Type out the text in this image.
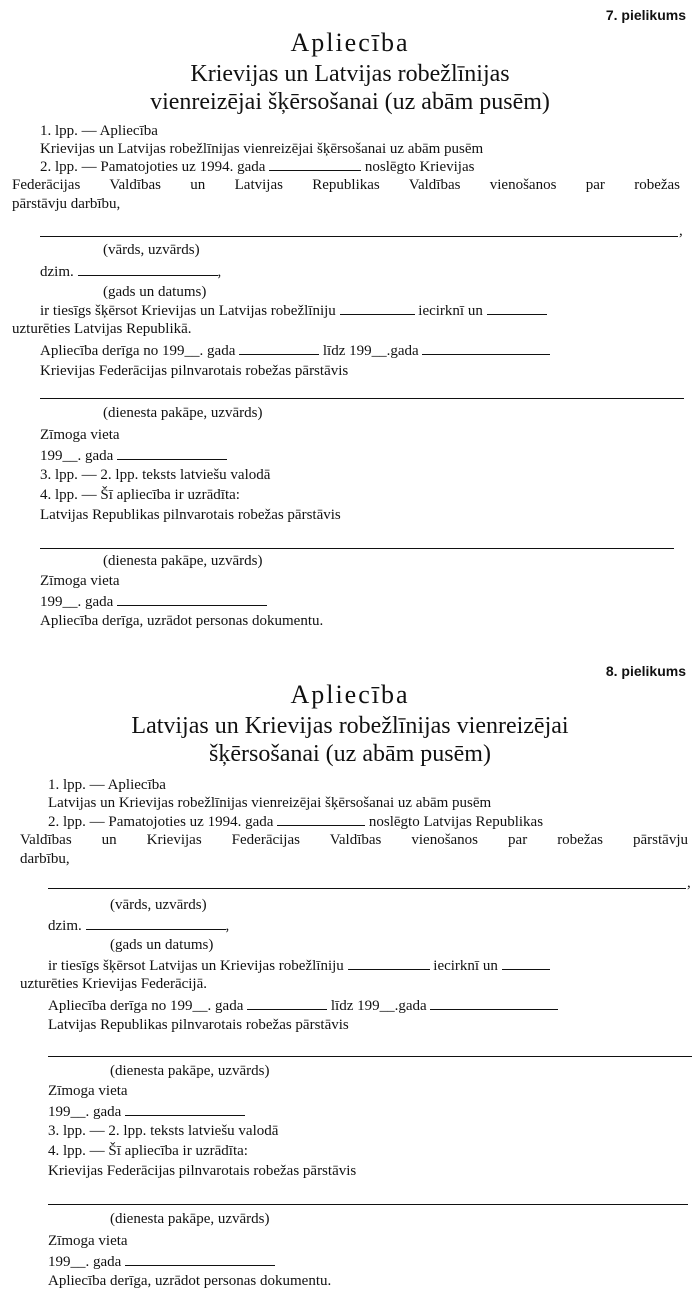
7. pielikums
Apliecība
Krievijas un Latvijas robežlīnijas
vienreizējai šķērsošanai (uz abām pusēm)
1. lpp. — Apliecība
Krievijas un Latvijas robežlīnijas vienreizējai šķērsošanai uz abām pusēm
2. lpp. — Pamatojoties uz 1994. gada	noslēgto Krievijas
Federācijas Valdības un Latvijas Republikas Valdības vienošanos par robežas
pārstāvju darbību,
,
(vārds, uzvārds)
dzim.	,
(gads un datums)
ir tiesīgs šķērsot Krievijas un Latvijas robežlīniju	iecirknī un
uzturēties Latvijas Republikā.
Apliecība derīga no 199__. gada	līdz 199__.gada
Krievijas Federācijas pilnvarotais robežas pārstāvis
(dienesta pakāpe, uzvārds)
Zīmoga vieta
199__. gada
3. lpp. — 2. lpp. teksts latviešu valodā
4. lpp. — Šī apliecība ir uzrādīta:
Latvijas Republikas pilnvarotais robežas pārstāvis
(dienesta pakāpe, uzvārds)
Zīmoga vieta
199__. gada
Apliecība derīga, uzrādot personas dokumentu.
8. pielikums
Apliecība
Latvijas un Krievijas robežlīnijas vienreizējai
šķērsošanai (uz abām pusēm)
1. lpp. — Apliecība
Latvijas un Krievijas robežlīnijas vienreizējai šķērsošanai uz abām pusēm
2. lpp. — Pamatojoties uz 1994. gada	noslēgto Latvijas Republikas
Valdības un Krievijas Federācijas Valdības vienošanos par robežas pārstāvju
darbību,
,
(vārds, uzvārds)
dzim.	,
(gads un datums)
ir tiesīgs šķērsot Latvijas un Krievijas robežlīniju	iecirknī un
uzturēties Krievijas Federācijā.
Apliecība derīga no 199__. gada	līdz 199__.gada
Latvijas Republikas pilnvarotais robežas pārstāvis
(dienesta pakāpe, uzvārds)
Zīmoga vieta
199__. gada
3. lpp. — 2. lpp. teksts latviešu valodā
4. lpp. — Šī apliecība ir uzrādīta:
Krievijas Federācijas pilnvarotais robežas pārstāvis
(dienesta pakāpe, uzvārds)
Zīmoga vieta
199__. gada
Apliecība derīga, uzrādot personas dokumentu.
